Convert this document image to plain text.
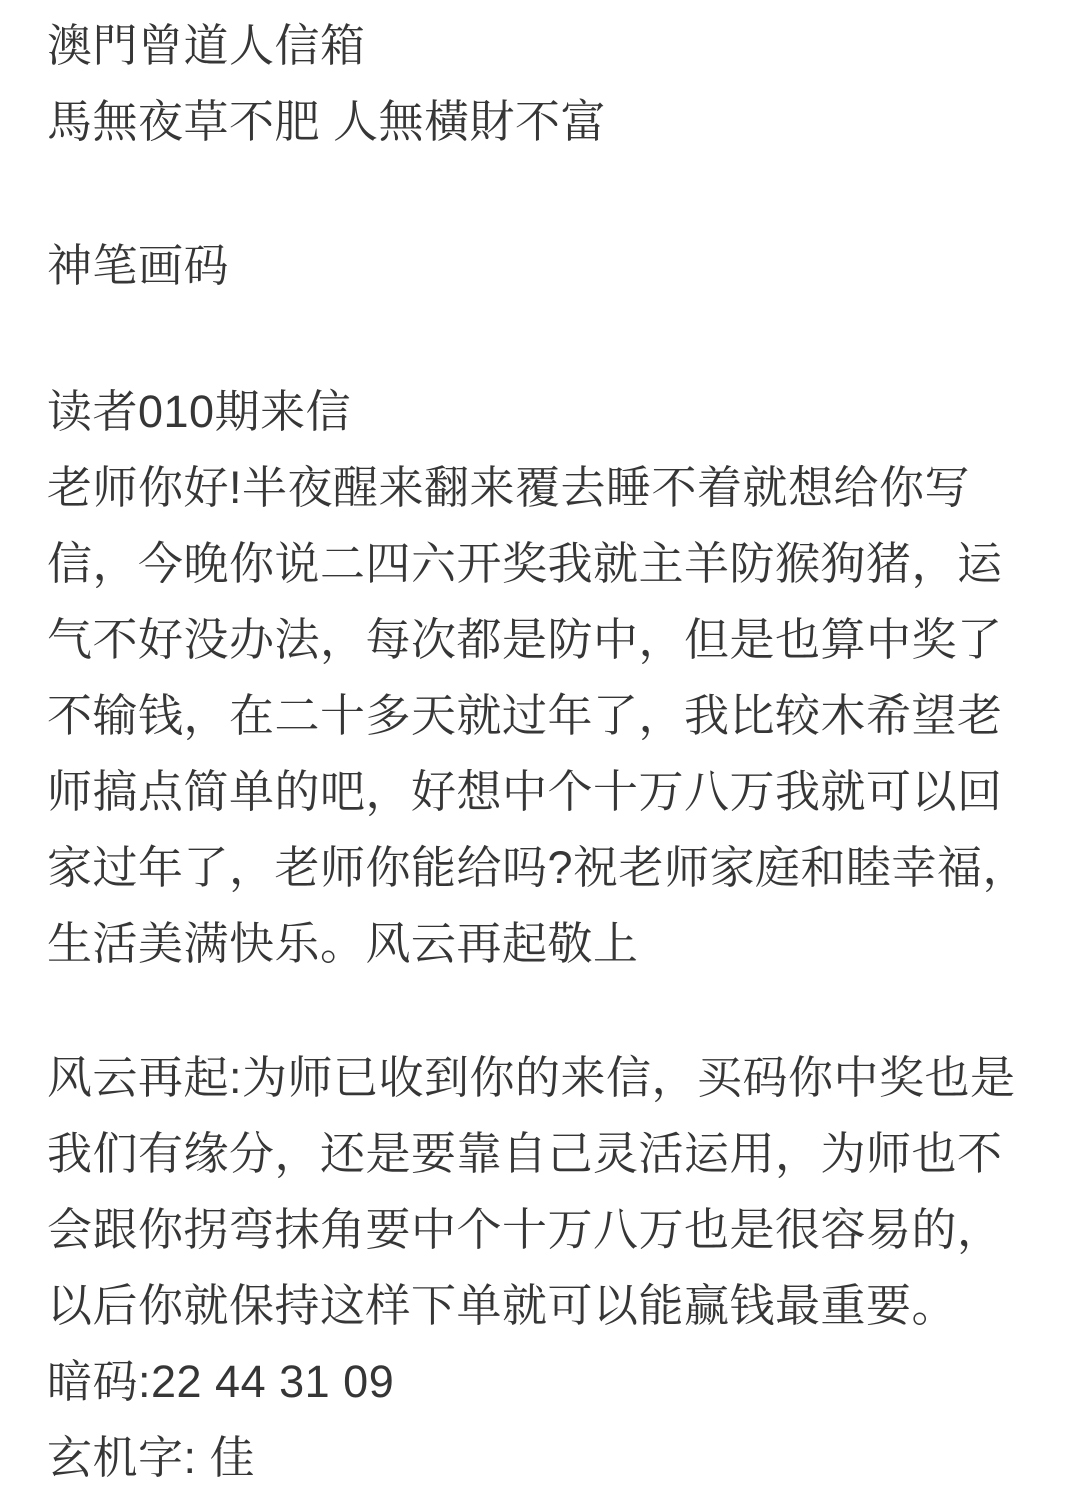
澳門曾道人信箱
馬無夜草不肥 人無橫財不富
神笔画码
读者010期来信
老师你好!半夜醒来翻来覆去睡不着就想给你写
信，今晚你说二四六开奖我就主羊防猴狗猪，运
气不好没办法，每次都是防中，但是也算中奖了
不输钱，在二十多天就过年了，我比较木希望老
师搞点简单的吧，好想中个十万八万我就可以回
家过年了，老师你能给吗?祝老师家庭和睦幸福，
生活美满快乐。风云再起敬上
风云再起:为师已收到你的来信，买码你中奖也是
我们有缘分，还是要靠自己灵活运用，为师也不
会跟你拐弯抹角要中个十万八万也是很容易的，
以后你就保持这样下单就可以能赢钱最重要。
暗码:22 44 31 09
玄机字: 佳
